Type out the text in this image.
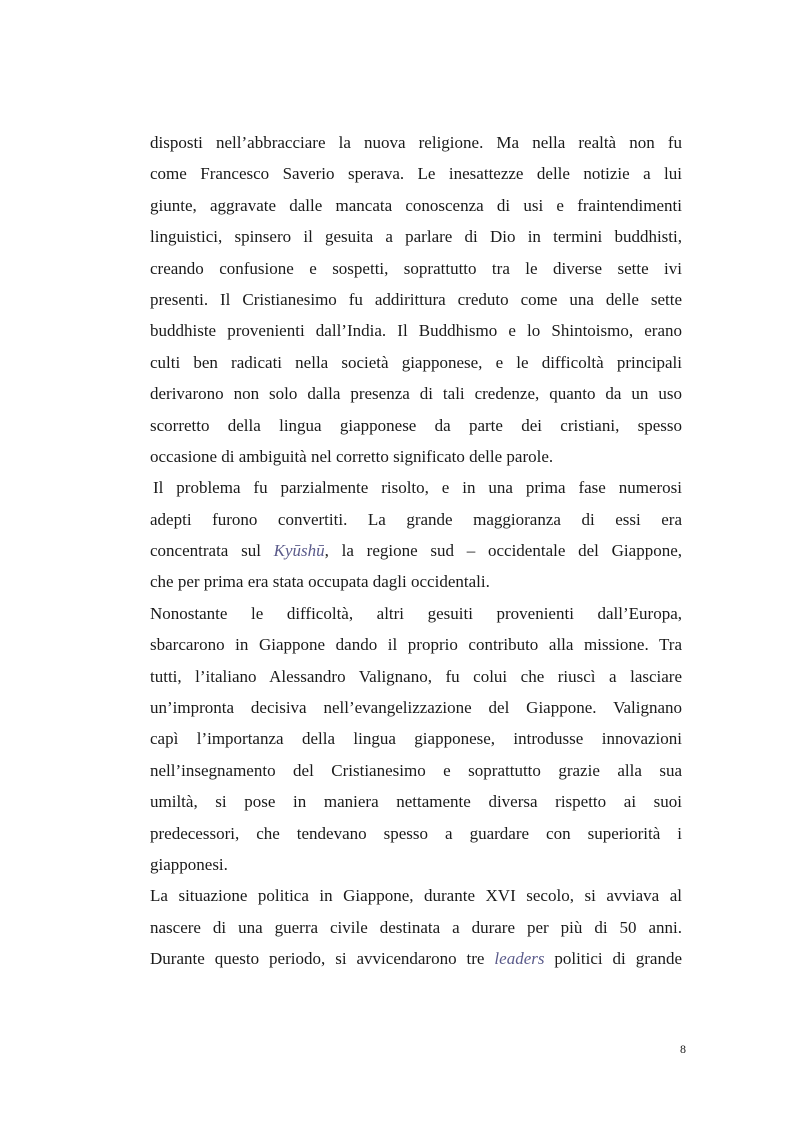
disposti nell’abbracciare la nuova religione. Ma nella realtà non fu
come Francesco Saverio sperava. Le inesattezze delle notizie a lui
giunte, aggravate dalle mancata conoscenza di usi e fraintendimenti
linguistici, spinsero il gesuita a parlare di Dio in termini buddhisti,
creando confusione e sospetti, soprattutto tra le diverse sette ivi
presenti. Il Cristianesimo fu addirittura creduto come una delle sette
buddhiste provenienti dall’India. Il Buddhismo e lo Shintoismo, erano
culti ben radicati nella società giapponese, e le difficoltà principali
derivarono non solo dalla presenza di tali credenze, quanto da un uso
scorretto della lingua giapponese da parte dei cristiani, spesso
occasione di ambiguità nel corretto significato delle parole.
Il problema fu parzialmente risolto, e in una prima fase numerosi
adepti furono convertiti. La grande maggioranza di essi era
concentrata sul Kyūshū, la regione sud – occidentale del Giappone,
che per prima era stata occupata dagli occidentali.
Nonostante le difficoltà, altri gesuiti provenienti dall’Europa,
sbarcarono in Giappone dando il proprio contributo alla missione. Tra
tutti, l’italiano Alessandro Valignano, fu colui che riuscì a lasciare
un’impronta decisiva nell’evangelizzazione del Giappone. Valignano
capì l’importanza della lingua giapponese, introdusse innovazioni
nell’insegnamento del Cristianesimo e soprattutto grazie alla sua
umiltà, si pose in maniera nettamente diversa rispetto ai suoi
predecessori, che tendevano spesso a guardare con superiorità i
giapponesi.
La situazione politica in Giappone, durante XVI secolo, si avviava al
nascere di una guerra civile destinata a durare per più di 50 anni.
Durante questo periodo, si avvicendarono tre leaders politici di grande
8
